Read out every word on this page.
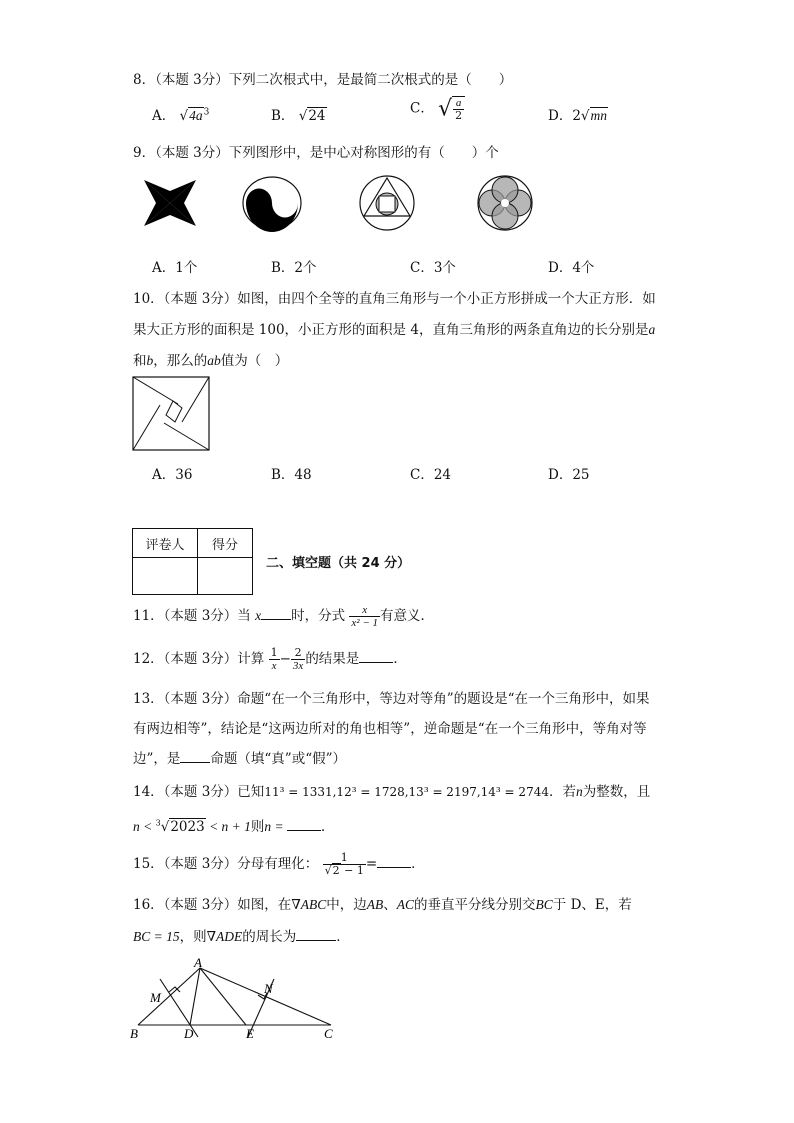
8．（本题 3分）下列二次根式中，是最简二次根式的是（　　）
A． $√4a^3$	B． √24	C． √ $\frac{a}{2}$	D．2√mn
9．（本题 3分）下列图形中，是中心对称图形的有（　　）个
A．1个	B．2个	C．3个	D．4个
10．（本题 3分）如图，由四个全等的直角三角形与一个小正方形拼成一个大正方形．如
果大正方形的面积是 100，小正方形的面积是 4，直角三角形的两条直角边的长分别是a
和b，那么的ab值为（　）
A．36	B．48	C．24	D．25
评卷人	得分

二、填空题（共 24 分）
11．（本题 3分）当 x 时，分式 $\frac{x}{\text{x² − 1}}$ 有意义．
12．（本题 3分）计算 $\frac{1}{x} - \frac{2}{3x}$ 的结果是	．
13．（本题 3分）命题“在一个三角形中，等边对等角”的题设是“在一个三角形中，如果
有两边相等”，结论是“这两边所对的角也相等”，逆命题是“在一个三角形中，等角对等
边”，是 命题（填“真”或“假”）
14．（本题 3分）已知11³ = 1331,12³ = 1728,13³ = 2197,14³ = 2744．若n为整数，且
n < $^3$√2023 < n + 1则n =	．
15．（本题 3分）分母有理化： $\frac{1}{√2 - 1}$ =	．
16．（本题 3分）如图，在∇ABC中，边AB、AC的垂直平分线分别交BC于 D、E，若
BC = 15，则∇ADE的周长为	．
A
B	C
D	E
M
N
